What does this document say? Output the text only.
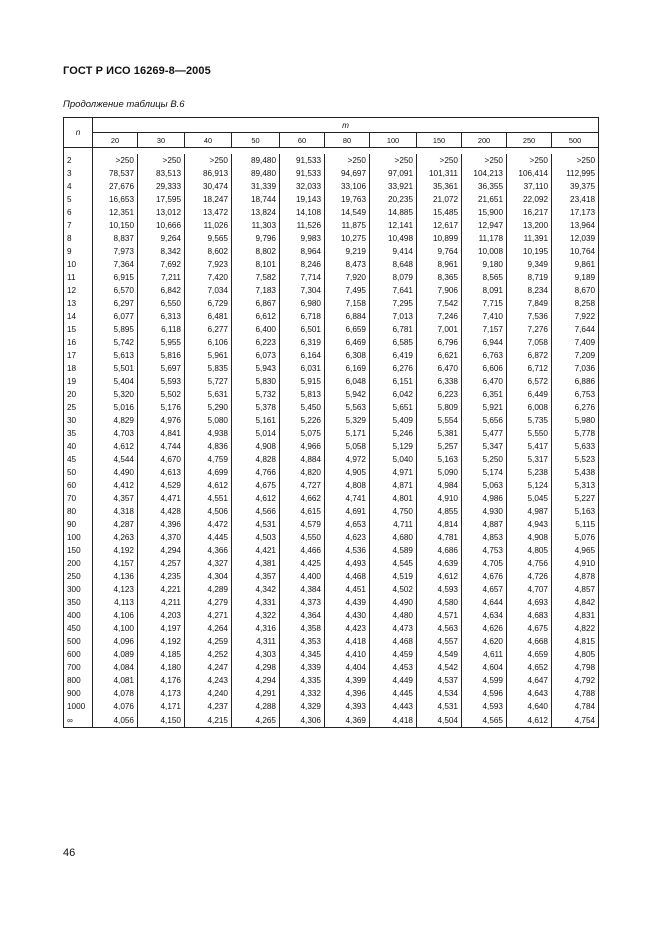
ГОСТ Р ИСО 16269-8—2005
Продолжение таблицы В.6
n	m										
	20	30	40	50	60	80	100	150	200	250	500

2	>250	>250	>250	89,480	91,533	>250	>250	>250	>250	>250	>250
3	78,537	83,513	86,913	89,480	91,533	94,697	97,091	101,311	104,213	106,414	112,995
4	27,676	29,333	30,474	31,339	32,033	33,106	33,921	35,361	36,355	37,110	39,375
5	16,653	17,595	18,247	18,744	19,143	19,763	20,235	21,072	21,651	22,092	23,418
6	12,351	13,012	13,472	13,824	14,108	14,549	14,885	15,485	15,900	16,217	17,173
7	10,150	10,666	11,026	11,303	11,526	11,875	12,141	12,617	12,947	13,200	13,964
8	8,837	9,264	9,565	9,796	9,983	10,275	10,498	10,899	11,178	11,391	12,039
9	7,973	8,342	8,602	8,802	8,964	9,219	9,414	9,764	10,008	10,195	10,764
10	7,364	7,692	7,923	8,101	8,246	8,473	8,648	8,961	9,180	9,349	9,861
11	6,915	7,211	7,420	7,582	7,714	7,920	8,079	8,365	8,565	8,719	9,189
12	6,570	6,842	7,034	7,183	7,304	7,495	7,641	7,906	8,091	8,234	8,670
13	6,297	6,550	6,729	6,867	6,980	7,158	7,295	7,542	7,715	7,849	8,258
14	6,077	6,313	6,481	6,612	6,718	6,884	7,013	7,246	7,410	7,536	7,922
15	5,895	6,118	6,277	6,400	6,501	6,659	6,781	7,001	7,157	7,276	7,644
16	5,742	5,955	6,106	6,223	6,319	6,469	6,585	6,796	6,944	7,058	7,409
17	5,613	5,816	5,961	6,073	6,164	6,308	6,419	6,621	6,763	6,872	7,209
18	5,501	5,697	5,835	5,943	6,031	6,169	6,276	6,470	6,606	6,712	7,036
19	5,404	5,593	5,727	5,830	5,915	6,048	6,151	6,338	6,470	6,572	6,886
20	5,320	5,502	5,631	5,732	5,813	5,942	6,042	6,223	6,351	6,449	6,753
25	5,016	5,176	5,290	5,378	5,450	5,563	5,651	5,809	5,921	6,008	6,276
30	4,829	4,976	5,080	5,161	5,226	5,329	5,409	5,554	5,656	5,735	5,980
35	4,703	4,841	4,938	5,014	5,075	5,171	5,246	5,381	5,477	5,550	5,778
40	4,612	4,744	4,836	4,908	4,966	5,058	5,129	5,257	5,347	5,417	5,633
45	4,544	4,670	4,759	4,828	4,884	4,972	5,040	5,163	5,250	5,317	5,523
50	4,490	4,613	4,699	4,766	4,820	4,905	4,971	5,090	5,174	5,238	5,438
60	4,412	4,529	4,612	4,675	4,727	4,808	4,871	4,984	5,063	5,124	5,313
70	4,357	4,471	4,551	4,612	4,662	4,741	4,801	4,910	4,986	5,045	5,227
80	4,318	4,428	4,506	4,566	4,615	4,691	4,750	4,855	4,930	4,987	5,163
90	4,287	4,396	4,472	4,531	4,579	4,653	4,711	4,814	4,887	4,943	5,115
100	4,263	4,370	4,445	4,503	4,550	4,623	4,680	4,781	4,853	4,908	5,076
150	4,192	4,294	4,366	4,421	4,466	4,536	4,589	4,686	4,753	4,805	4,965
200	4,157	4,257	4,327	4,381	4,425	4,493	4,545	4,639	4,705	4,756	4,910
250	4,136	4,235	4,304	4,357	4,400	4,468	4,519	4,612	4,676	4,726	4,878
300	4,123	4,221	4,289	4,342	4,384	4,451	4,502	4,593	4,657	4,707	4,857
350	4,113	4,211	4,279	4,331	4,373	4,439	4,490	4,580	4,644	4,693	4,842
400	4,106	4,203	4,271	4,322	4,364	4,430	4,480	4,571	4,634	4,683	4,831
450	4,100	4,197	4,264	4,316	4,358	4,423	4,473	4,563	4,626	4,675	4,822
500	4,096	4,192	4,259	4,311	4,353	4,418	4,468	4,557	4,620	4,668	4,815
600	4,089	4,185	4,252	4,303	4,345	4,410	4,459	4,549	4,611	4,659	4,805
700	4,084	4,180	4,247	4,298	4,339	4,404	4,453	4,542	4,604	4,652	4,798
800	4,081	4,176	4,243	4,294	4,335	4,399	4,449	4,537	4,599	4,647	4,792
900	4,078	4,173	4,240	4,291	4,332	4,396	4,445	4,534	4,596	4,643	4,788
1000	4,076	4,171	4,237	4,288	4,329	4,393	4,443	4,531	4,593	4,640	4,784
∞	4,056	4,150	4,215	4,265	4,306	4,369	4,418	4,504	4,565	4,612	4,754
46
